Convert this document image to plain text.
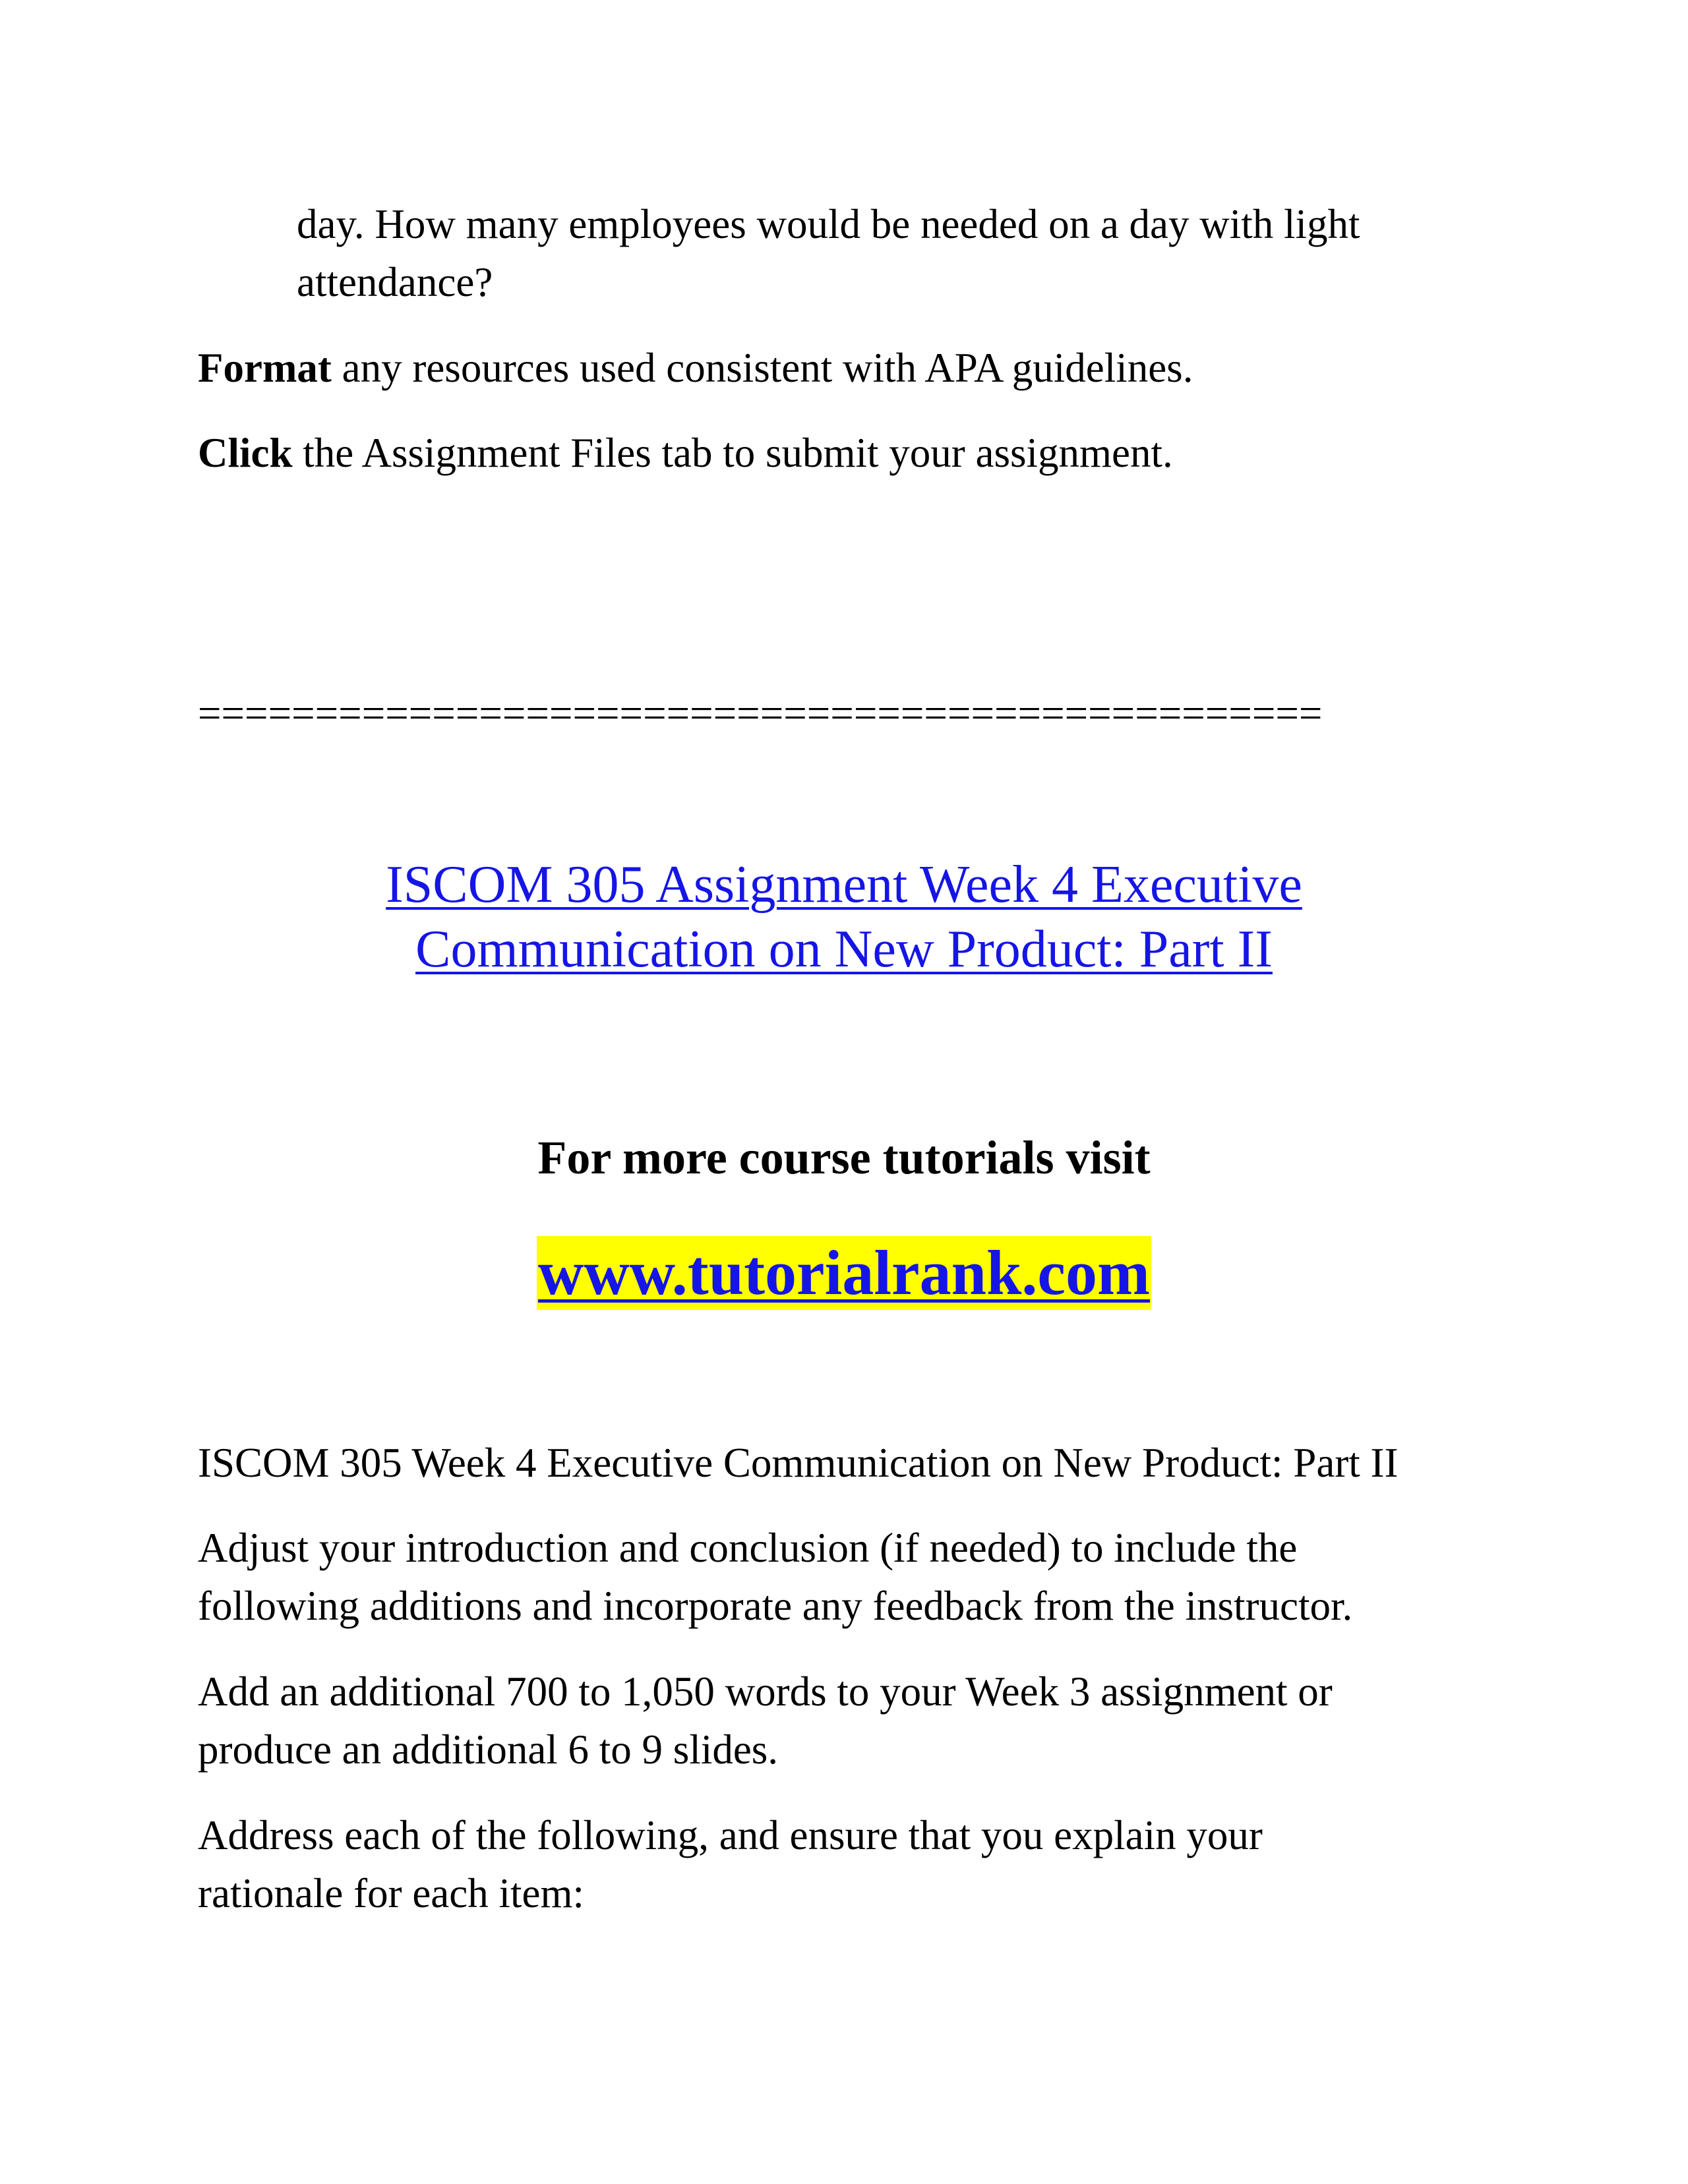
day. How many employees would be needed on a day with light
attendance?
Format any resources used consistent with APA guidelines.
Click the Assignment Files tab to submit your assignment.
================================================
ISCOM 305 Assignment Week 4 Executive
Communication on New Product: Part II
For more course tutorials visit
www.tutorialrank.com
ISCOM 305 Week 4 Executive Communication on New Product: Part II
Adjust your introduction and conclusion (if needed) to include the
following additions and incorporate any feedback from the instructor.
Add an additional 700 to 1,050 words to your Week 3 assignment or
produce an additional 6 to 9 slides.
Address each of the following, and ensure that you explain your
rationale for each item:
